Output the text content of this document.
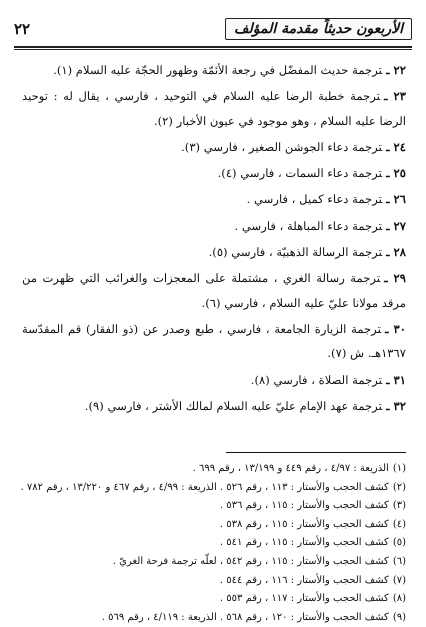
٢٢	الأربعون حديثاً مقدمة المؤلف
٢٢ ـترجمة حديث المفضّل في رجعة الأئمّة وظهور الحجّة عليه السلام (١).
٢٣ ـترجمة خطبة الرضا عليه السلام في التوحيد ، فارسي ، يقال له : توحيد الرضا عليه السلام ، وهو موجود في عيون الأخبار (٢).
٢٤ ـترجمة دعاء الجوشن الصغير ، فارسي (٣).
٢٥ ـترجمة دعاء السمات ، فارسي (٤).
٢٦ ـترجمة دعاء كميل ، فارسي .
٢٧ ـترجمة دعاء المباهلة ، فارسي .
٢٨ ـترجمة الرسالة الذهبيّة ، فارسي (٥).
٢٩ ـترجمة رسالة الغري ، مشتملة على المعجزات والغرائب التي ظهرت من مرقد مولانا عليّ عليه السلام ، فارسي (٦).
٣٠ ـترجمة الزيارة الجامعة ، فارسي ، طبع وصدر عن (ذو الفقار) قم المقدّسة ١٣٦٧هـ. ش (٧).
٣١ ـترجمة الصلاة ، فارسي (٨).
٣٢ ـترجمة عهد الإمام عليّ عليه السلام لمالك الأشتر ، فارسي (٩).
(١)الذريعة : ٤/٩٧ ، رقم ٤٤٩ و ١٣/١٩٩ ، رقم ٦٩٩ .
(٢)كشف الحجب والأستار : ١١٣ ، رقم ٥٢٦ . الذريعة : ٤/٩٩ ، رقم ٤٦٧ و ١٣/٢٢٠ ، رقم ٧٨٢ .
(٣)كشف الحجب والأستار : ١١٥ ، رقم ٥٣٦ .
(٤)كشف الحجب والأستار : ١١٥ ، رقم ٥٣٨ .
(٥)كشف الحجب والأستار : ١١٥ ، رقم ٥٤١ .
(٦)كشف الحجب والأستار : ١١٥ ، رقم ٥٤٢ ، لعلّه ترجمة فرحة الغريّ .
(٧)كشف الحجب والأستار : ١١٦ ، رقم ٥٤٤ .
(٨)كشف الحجب والأستار : ١١٧ ، رقم ٥٥٣ .
(٩)كشف الحجب والأستار : ١٢٠ ، رقم ٥٦٨ . الذريعة : ٤/١١٩ ، رقم ٥٦٩ .
